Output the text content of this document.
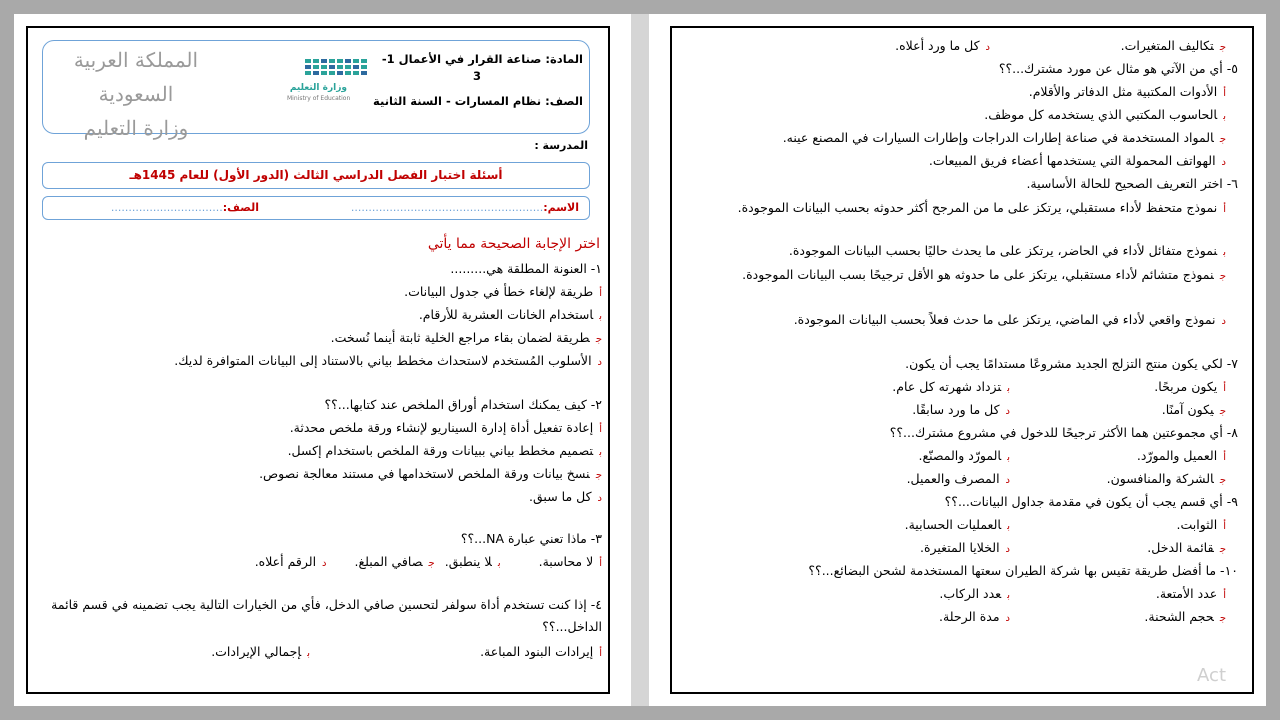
المملكة العربية السعودية
وزارة التعليم
وزارة التعليم
Ministry of Education
المادة: صناعة القرار في الأعمال 1-
3
الصف: نظام المسارات - السنة الثانية
المدرسة :
أسئلة اختبار الفصل الدراسي الثالث (الدور الأول) للعام 1445هـ
الاسم:.......................................................
الصف:................................
اختر الإجابة الصحيحة مما يأتي
١- العنونة المطلقة هي.........
أطريقة لإلغاء خطأ في جدول البيانات.
باستخدام الخانات العشرية للأرقام.
جطريقة لضمان بقاء مراجع الخلية ثابتة أينما نُسخت.
دالأسلوب المُستخدم لاستحداث مخطط بياني بالاستناد إلى البيانات المتوافرة لديك.
٢- كيف يمكنك استخدام أوراق الملخص عند كتابها...؟؟
أإعادة تفعيل أداة إدارة السيناريو لإنشاء ورقة ملخص محدثة.
بتصميم مخطط بياني ببيانات ورقة الملخص باستخدام إكسل.
جنسخ بيانات ورقة الملخص لاستخدامها في مستند معالجة نصوص.
دكل ما سبق.
٣- ماذا تعني عبارة NA...؟؟
ألا محاسبة. بلا ينطبق. جصافي المبلغ. دالرقم أعلاه.
٤- إذا كنت تستخدم أداة سولفر لتحسين صافي الدخل، فأي من الخيارات التالية يجب تضمينه في قسم قائمة الداخل...؟؟
أإيرادات البنود المباعة.
بإجمالي الإيرادات.
جتكاليف المتغيرات.
دكل ما ورد أعلاه.
٥- أي من الآتي هو مثال عن مورد مشترك...؟؟
أالأدوات المكتبية مثل الدفاتر والأقلام.
بالحاسوب المكتبي الذي يستخدمه كل موظف.
جالمواد المستخدمة في صناعة إطارات الدراجات وإطارات السيارات في المصنع عينه.
دالهواتف المحمولة التي يستخدمها أعضاء فريق المبيعات.
٦- اختر التعريف الصحيح للحالة الأساسية.
أنموذج متحفظ لأداء مستقبلي، يرتكز على ما من المرجح أكثر حدوثه بحسب البيانات الموجودة.
بنموذج متفائل لأداء في الحاضر، يرتكز على ما يحدث حاليًا بحسب البيانات الموجودة.
جنموذج متشائم لأداء مستقبلي، يرتكز على ما حدوثه هو الأقل ترجيحًا بسب البيانات الموجودة.
دنموذج واقعي لأداء في الماضي، يرتكز على ما حدث فعلاً بحسب البيانات الموجودة.
٧- لكي يكون منتج التزلج الجديد مشروعًا مستدامًا يجب أن يكون.
أيكون مربحًا.
بتزداد شهرته كل عام.
جيكون آمنًا.
دكل ما ورد سابقًا.
٨- أي مجموعتين هما الأكثر ترجيحًا للدخول في مشروع مشترك...؟؟
أالعميل والمورّد.
بالمورّد والمصنّع.
جالشركة والمنافسون.
دالمصرف والعميل.
٩- أي قسم يجب أن يكون في مقدمة جداول البيانات...؟؟
أالثوابت.
بالعمليات الحسابية.
جقائمة الدخل.
دالخلايا المتغيرة.
١٠- ما أفضل طريقة تقيس بها شركة الطيران سعتها المستخدمة لشحن البضائع...؟؟
أعدد الأمتعة.
بعدد الركاب.
جحجم الشحنة.
دمدة الرحلة.
Act
